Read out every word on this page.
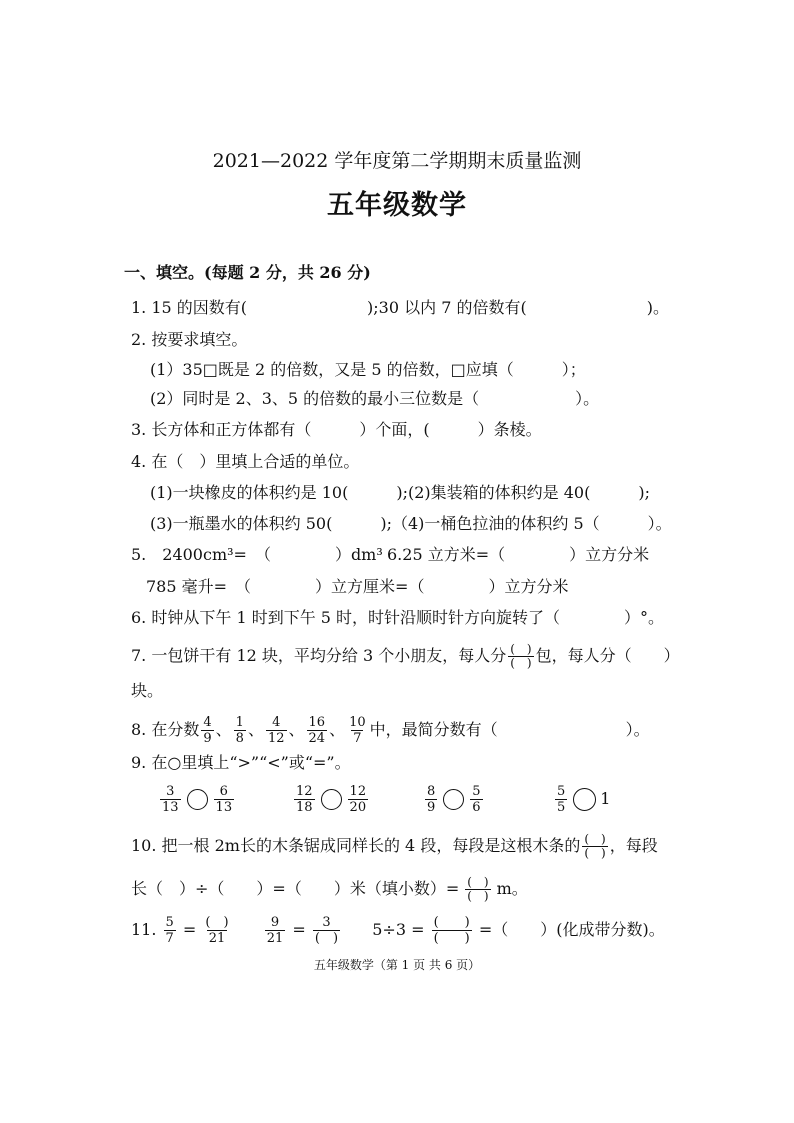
2021—2022 学年度第二学期期末质量监测
五年级数学
一、填空。(每题 2 分，共 26 分)
1. 15 的因数有(	);30 以内 7 的倍数有(	)。
2. 按要求填空。
(1）35□既是 2 的倍数，又是 5 的倍数，□应填（　　　）；
(2）同时是 2、3、5 的倍数的最小三位数是（　　　　　　）。
3. 长方体和正方体都有（　　　）个面，(　　　）条棱。
4. 在（　）里填上合适的单位。
(1)一块橡皮的体积约是 10(　　　);(2)集装箱的体积约是 40(　　　);
(3)一瓶墨水的体积约 50(　　　);（4)一桶色拉油的体积约 5（　　　）。
5.　2400cm³=　（　　　　）dm³ 6.25 立方米=（　　　　）立方分米
785 毫升=　（　　　　）立方厘米=（　　　　）立方分米
6. 时钟从下午 1 时到下午 5 时，时针沿顺时针方向旋转了（　　　　）°。
7. 一包饼干有 12 块，平均分给 3 个小朋友，每人分 $\frac{( )}{( )}$ 包，每人分（　　）
块。
8. 在分数 $\frac{4}{9}$ 、 $\frac{1}{8}$ 、 $\frac{4}{12}$ 、 $\frac{16}{24}$ 、 $\frac{10}{7}$ 中，最简分数有（　　　　　　　　）。
9. 在○里填上“>”“<”或“=”。
$\frac{3}{13}$	$\frac{6}{13}$	$\frac{12}{18}$	$\frac{12}{20}$	$\frac{8}{9}$	$\frac{5}{6}$	$\frac{5}{5} 1$
10. 把一根 2m长的木条锯成同样长的 4 段，每段是这根木条的 $\frac{( )}{( )}$ ，每段
长（　）÷（　　）=（　　）米（填小数）= $\frac{( )}{( )}$ m。
11. $\frac{5}{7} = \frac{( )}{21}$
	$\frac{9}{21} = \frac{3}{( )} 5\div 3 = \frac{( )}{( )}$ =（　　）(化成带分数)。
五年级数学（第 1 页 共 6 页）
